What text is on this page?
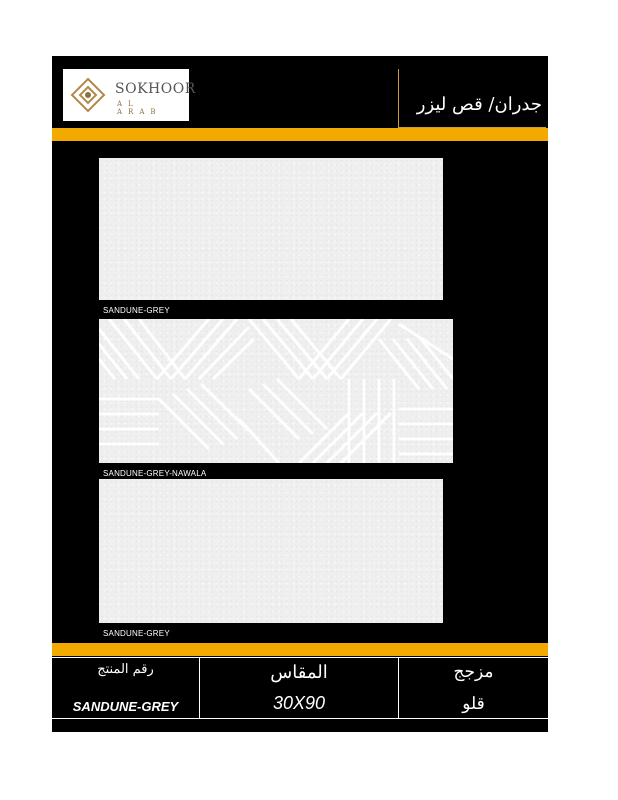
SOKHOOR
AL ARAB	جدران/ قص ليزر
SANDUNE-GREY
SANDUNE-GREY-NAWALA
SANDUNE-GREY
رقم المنتج
SANDUNE-GREY
المقاس
30X90
مزجج
قلو
